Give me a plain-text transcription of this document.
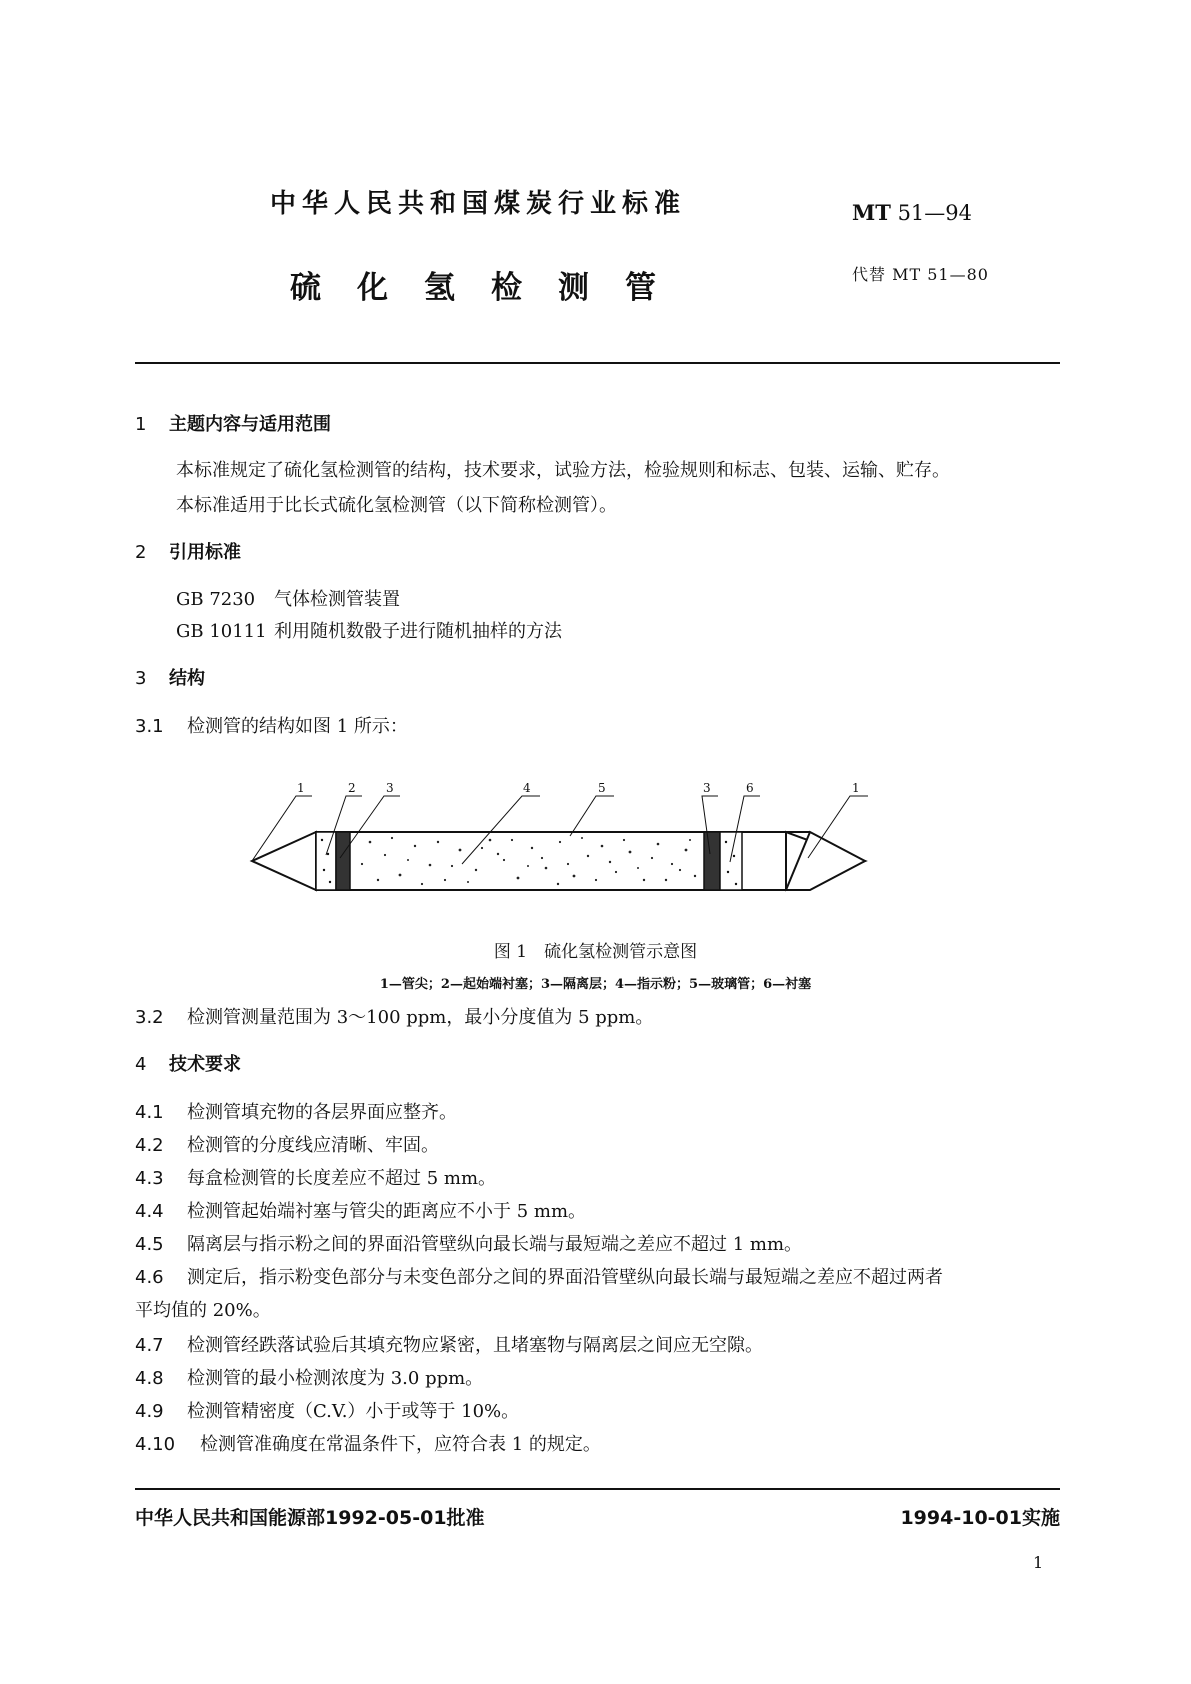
中华人民共和国煤炭行业标准	MT 51—94
硫化氢检测管	代替 MT 51—80
1 主题内容与适用范围
本标准规定了硫化氢检测管的结构，技术要求，试验方法，检验规则和标志、包装、运输、贮存。
本标准适用于比长式硫化氢检测管（以下简称检测管）。
2 引用标准
GB 7230 气体检测管装置
GB 10111 利用随机数骰子进行随机抽样的方法
3 结构
3.1 检测管的结构如图 1 所示：
1	2	3	4	5	3	6	1
图 1　硫化氢检测管示意图
1—管尖；2—起始端衬塞；3—隔离层；4—指示粉；5—玻璃管；6—衬塞
3.2 检测管测量范围为 3～100 ppm，最小分度值为 5 ppm。
4 技术要求
4.1 检测管填充物的各层界面应整齐。
4.2 检测管的分度线应清晰、牢固。
4.3 每盒检测管的长度差应不超过 5 mm。
4.4 检测管起始端衬塞与管尖的距离应不小于 5 mm。
4.5 隔离层与指示粉之间的界面沿管壁纵向最长端与最短端之差应不超过 1 mm。
4.6 测定后，指示粉变色部分与未变色部分之间的界面沿管壁纵向最长端与最短端之差应不超过两者
平均值的 20%。
4.7 检测管经跌落试验后其填充物应紧密，且堵塞物与隔离层之间应无空隙。
4.8 检测管的最小检测浓度为 3.0 ppm。
4.9 检测管精密度（C.V.）小于或等于 10%。
4.10 检测管准确度在常温条件下，应符合表 1 的规定。
中华人民共和国能源部1992-05-01批准	1994-10-01实施
1
